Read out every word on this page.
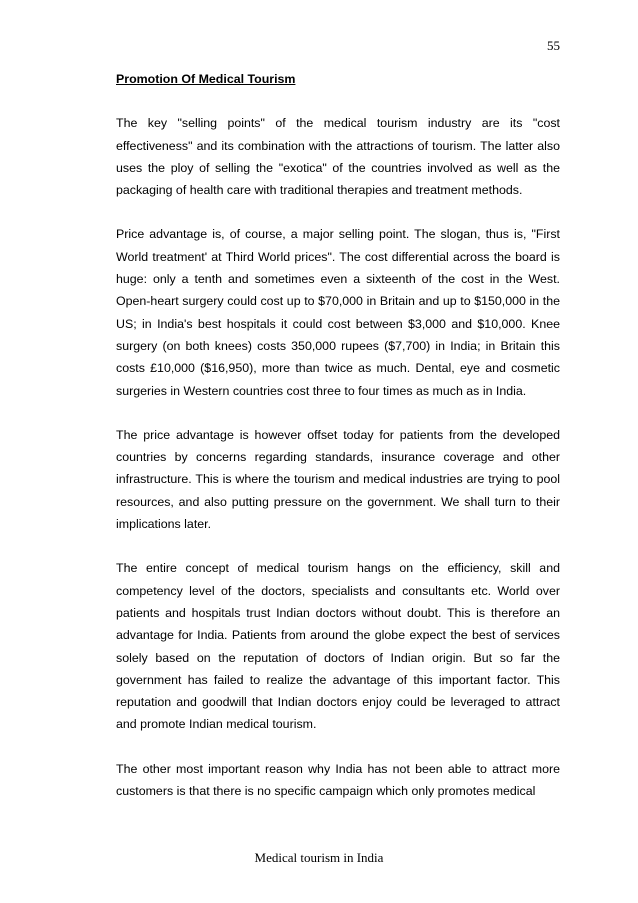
55
Promotion Of Medical Tourism

The key "selling points" of the medical tourism industry are its "cost effectiveness" and its combination with the attractions of tourism. The latter also uses the ploy of selling the "exotica" of the countries involved as well as the packaging of health care with traditional therapies and treatment methods.

Price advantage is, of course, a major selling point. The slogan, thus is, "First World treatment' at Third World prices". The cost differential across the board is huge: only a tenth and sometimes even a sixteenth of the cost in the West. Open-heart surgery could cost up to $70,000 in Britain and up to $150,000 in the US; in India's best hospitals it could cost between $3,000 and $10,000. Knee surgery (on both knees) costs 350,000 rupees ($7,700) in India; in Britain this costs £10,000 ($16,950), more than twice as much. Dental, eye and cosmetic surgeries in Western countries cost three to four times as much as in India.

The price advantage is however offset today for patients from the developed countries by concerns regarding standards, insurance coverage and other infrastructure. This is where the tourism and medical industries are trying to pool resources, and also putting pressure on the government. We shall turn to their implications later.

The entire concept of medical tourism hangs on the efficiency, skill and competency level of the doctors, specialists and consultants etc. World over patients and hospitals trust Indian doctors without doubt. This is therefore an advantage for India. Patients from around the globe expect the best of services solely based on the reputation of doctors of Indian origin. But so far the government has failed to realize the advantage of this important factor. This reputation and goodwill that Indian doctors enjoy could be leveraged to attract and promote Indian medical tourism.

The other most important reason why India has not been able to attract more customers is that there is no specific campaign which only promotes medical

Medical tourism in India
